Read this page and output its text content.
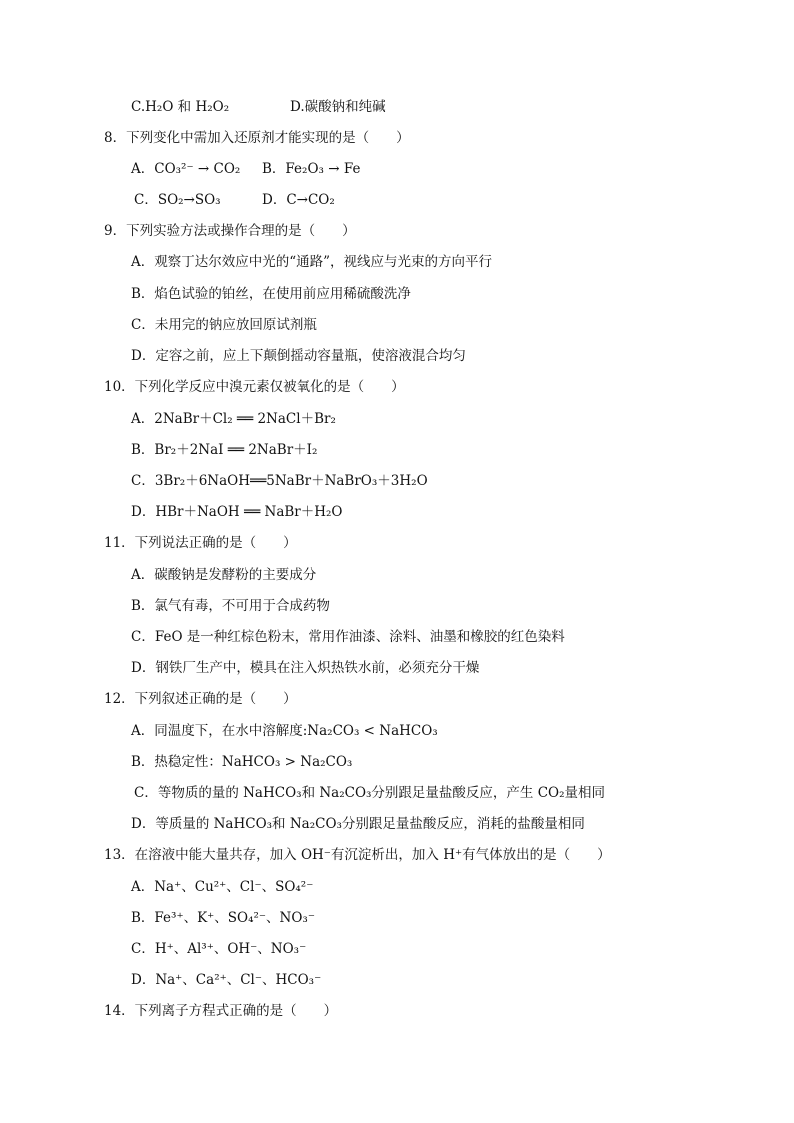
C.H₂O 和 H₂O₂	D.碳酸钠和纯碱
8．下列变化中需加入还原剂才能实现的是（　　）
A．CO₃²⁻ → CO₂ B．Fe₂O₃ → Fe
C．SO₂→SO₃	D．C→CO₂
9．下列实验方法或操作合理的是（　　）
A．观察丁达尔效应中光的“通路”，视线应与光束的方向平行
B．焰色试验的铂丝，在使用前应用稀硫酸洗净
C．未用完的钠应放回原试剂瓶
D．定容之前，应上下颠倒摇动容量瓶，使溶液混合均匀
10．下列化学反应中溴元素仅被氧化的是（　　）
A．2NaBr＋Cl₂ ══ 2NaCl＋Br₂
B．Br₂＋2NaI ══ 2NaBr＋I₂
C．3Br₂＋6NaOH══5NaBr＋NaBrO₃＋3H₂O
D．HBr＋NaOH ══ NaBr＋H₂O
11．下列说法正确的是（　　）
A．碳酸钠是发酵粉的主要成分
B．氯气有毒，不可用于合成药物
C．FeO 是一种红棕色粉末，常用作油漆、涂料、油墨和橡胶的红色染料
D．钢铁厂生产中，模具在注入炽热铁水前，必须充分干燥
12．下列叙述正确的是（　　）
A．同温度下，在水中溶解度:Na₂CO₃ < NaHCO₃
B．热稳定性：NaHCO₃ > Na₂CO₃
C．等物质的量的 NaHCO₃和 Na₂CO₃分别跟足量盐酸反应，产生 CO₂量相同
D．等质量的 NaHCO₃和 Na₂CO₃分别跟足量盐酸反应，消耗的盐酸量相同
13．在溶液中能大量共存，加入 OH⁻有沉淀析出，加入 H⁺有气体放出的是（　　）
A．Na⁺、Cu²⁺、Cl⁻、SO₄²⁻
B．Fe³⁺、K⁺、SO₄²⁻、NO₃⁻
C．H⁺、Al³⁺、OH⁻、NO₃⁻
D．Na⁺、Ca²⁺、Cl⁻、HCO₃⁻
14．下列离子方程式正确的是（　　）
